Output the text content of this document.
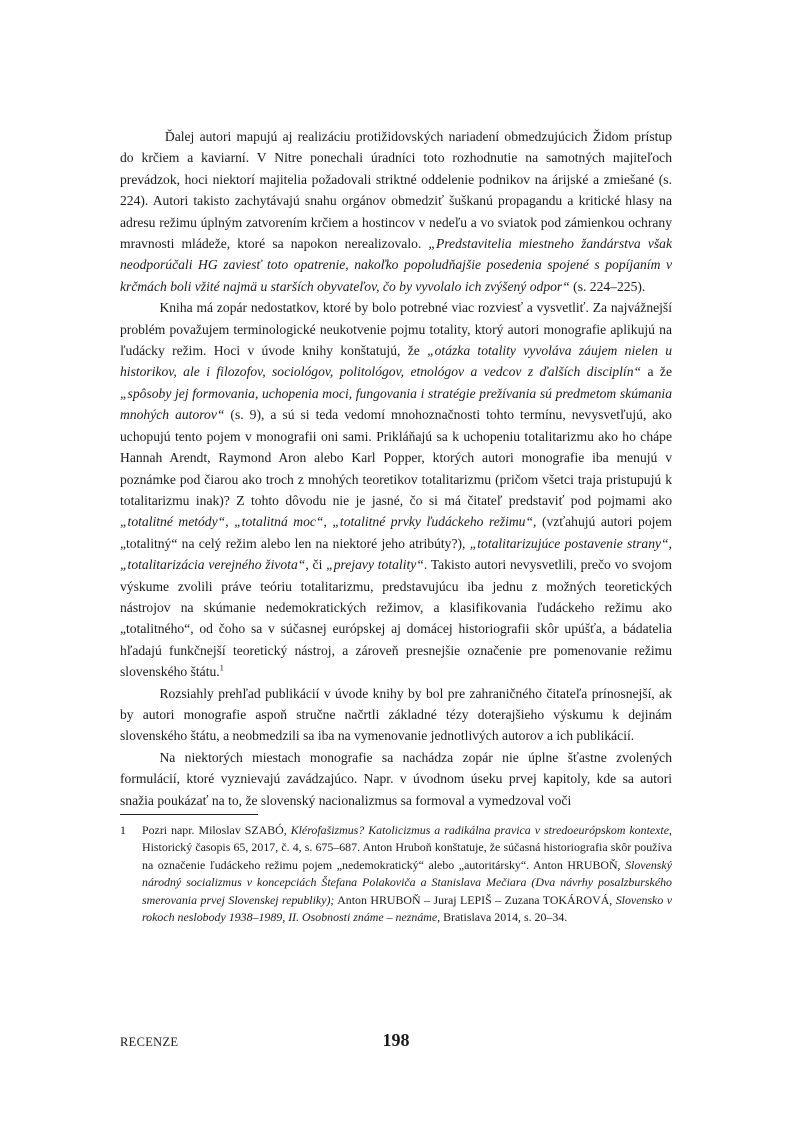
Ďalej autori mapujú aj realizáciu protižidovských nariadení obmedzujúcich Židom prístup do krčiem a kaviarní. V Nitre ponechali úradníci toto rozhodnutie na samotných majiteľoch prevádzok, hoci niektorí majitelia požadovali striktné oddelenie podnikov na árijské a zmiešané (s. 224). Autori takisto zachytávajú snahu orgánov obmedziť šuškanú propagandu a kritické hlasy na adresu režimu úplným zatvorením krčiem a hostincov v nedeľu a vo sviatok pod zámienkou ochrany mravnosti mládeže, ktoré sa napokon nerealizovalo. „Predstavitelia miestneho žandárstva však neodporúčali HG zaviesť toto opatrenie, nakoľko popoludňajšie posedenia spojené s popíjaním v krčmách boli vžité najmä u starších obyvateľov, čo by vyvolalo ich zvýšený odpor“ (s. 224–225).

Kniha má zopár nedostatkov, ktoré by bolo potrebné viac rozviesť a vysvetliť. Za najvážnejší problém považujem terminologické neukotvenie pojmu totality, ktorý autori monografie aplikujú na ľudácky režim. Hoci v úvode knihy konštatujú, že „otázka totality vyvoláva záujem nielen u historikov, ale i filozofov, sociológov, politológov, etnológov a vedcov z ďalších disciplín“ a že „spôsoby jej formovania, uchopenia moci, fungovania i stratégie prežívania sú predmetom skúmania mnohých autorov“ (s. 9), a sú si teda vedomí mnohoznačnosti tohto termínu, nevysvetľujú, ako uchopujú tento pojem v monografii oni sami. Prikláňajú sa k uchopeniu totalitarizmu ako ho chápe Hannah Arendt, Raymond Aron alebo Karl Popper, ktorých autori monografie iba menujú v poznámke pod čiarou ako troch z mnohých teoretikov totalitarizmu (pričom všetci traja pristupujú k totalitarizmu inak)? Z tohto dôvodu nie je jasné, čo si má čitateľ predstaviť pod pojmami ako „totalitné metódy“, „totalitná moc“, „totalitné prvky ľudáckeho režimu“, (vzťahujú autori pojem „totalitný“ na celý režim alebo len na niektoré jeho atribúty?), „totalitarizujúce postavenie strany“, „totalitarizácia verejného života“, či „prejavy totality“. Takisto autori nevysvetlili, prečo vo svojom výskume zvolili práve teóriu totalitarizmu, predstavujúcu iba jednu z možných teoretických nástrojov na skúmanie nedemokratických režimov, a klasifikovania ľudáckeho režimu ako „totalitného“, od čoho sa v súčasnej európskej aj domácej historiografii skôr upúšťa, a bádatelia hľadajú funkčnejší teoretický nástroj, a zároveň presnejšie označenie pre pomenovanie režimu slovenského štátu.$^1$

Rozsiahly prehľad publikácií v úvode knihy by bol pre zahraničného čitateľa prínosnejší, ak by autori monografie aspoň stručne načrtli základné tézy doterajšieho výskumu k dejinám slovenského štátu, a neobmedzili sa iba na vymenovanie jednotlivých autorov a ich publikácií.

Na niektorých miestach monografie sa nachádza zopár nie úplne šťastne zvolených formulácií, ktoré vyznievajú zavádzajúco. Napr. v úvodnom úseku prvej kapitoly, kde sa autori snažia poukázať na to, že slovenský nacionalizmus sa formoval a vymedzoval voči

1	Pozri napr. Miloslav SZABÓ, Klérofašizmus? Katolicizmus a radikálna pravica v stredoeurópskom kontexte, Historický časopis 65, 2017, č. 4, s. 675–687. Anton Hruboň konštatuje, že súčasná historiografia skôr používa na označenie ľudáckeho režimu pojem „nedemokratický“ alebo „autoritársky“. Anton HRUBOŇ, Slovenský národný socializmus v koncepciách Štefana Polakoviča a Stanislava Mečiara (Dva návrhy posalzburského smerovania prvej Slovenskej republiky); Anton HRUBOŇ – Juraj LEPIŠ – Zuzana TOKÁROVÁ, Slovensko v rokoch neslobody 1938–1989, II. Osobnosti známe – neznáme, Bratislava 2014, s. 20–34.
RECENZE	198
